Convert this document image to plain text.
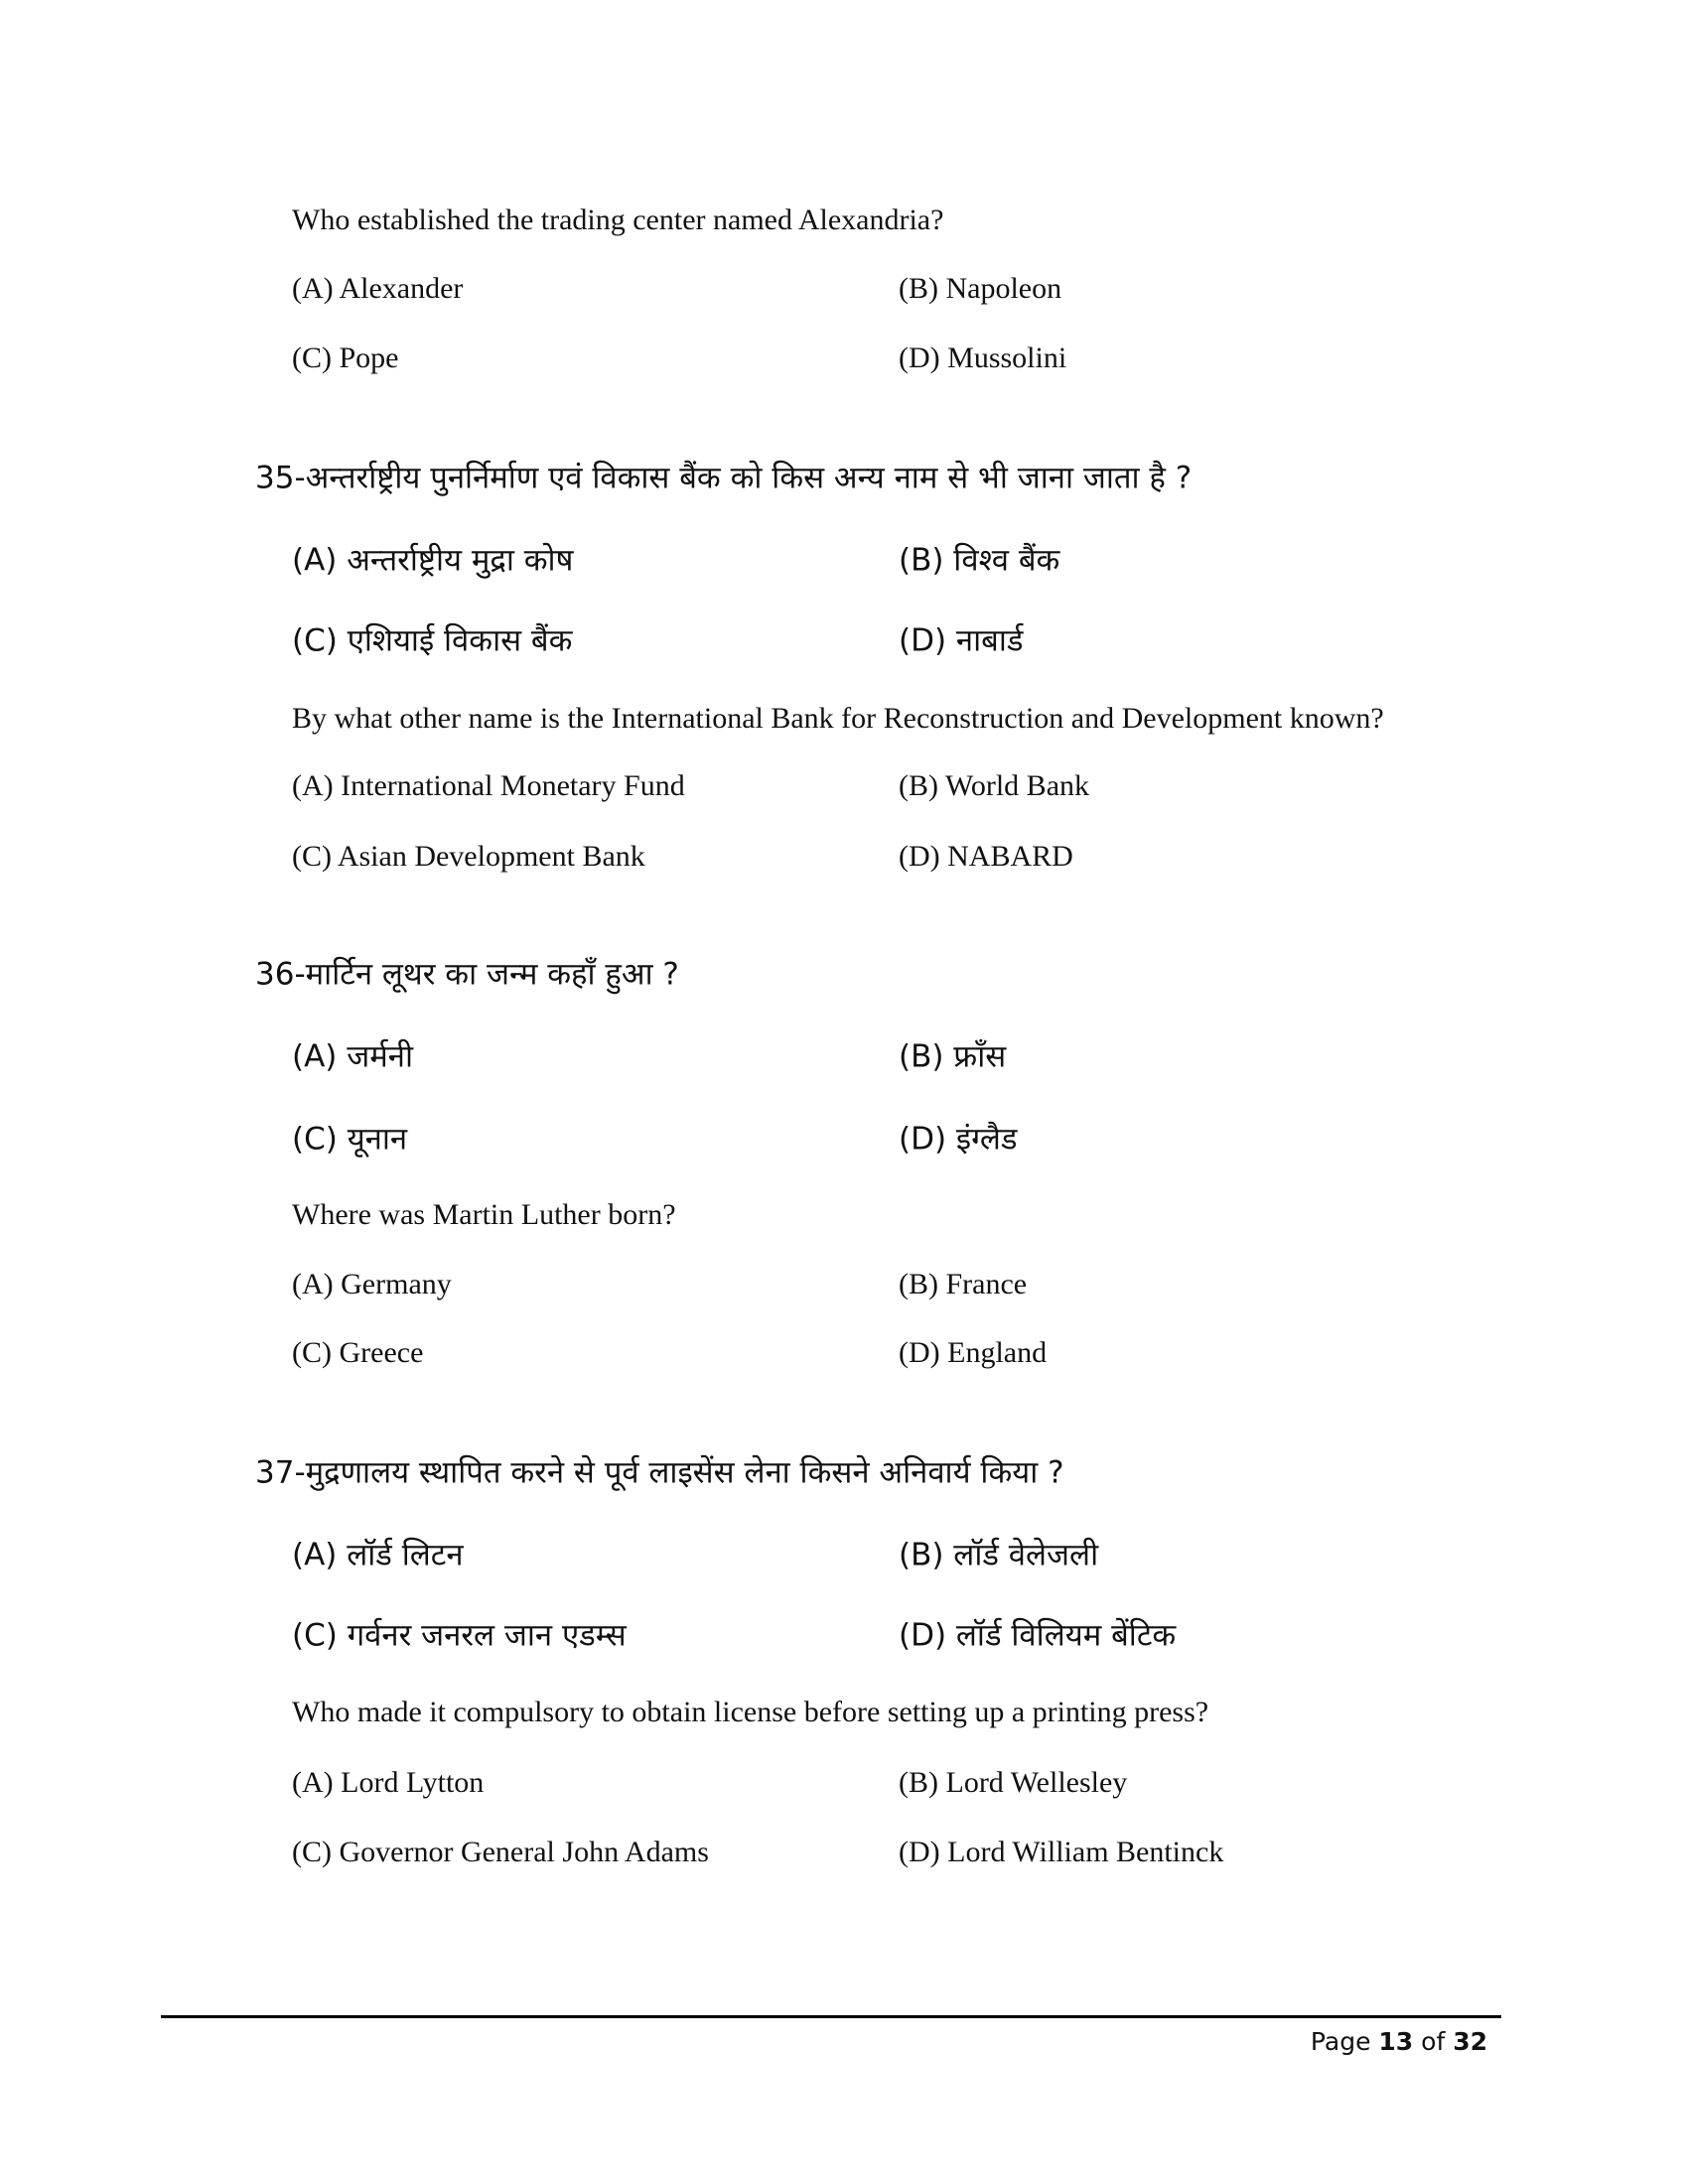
Who established the trading center named Alexandria?
(A) Alexander	(B) Napoleon
(C) Pope	(D) Mussolini
35-अन्तर्राष्ट्रीय पुनर्निर्माण एवं विकास बैंक को किस अन्य नाम से भी जाना जाता है ?
(A) अन्तर्राष्ट्रीय मुद्रा कोष	(B) विश्व बैंक
(C) एशियाई विकास बैंक	(D) नाबार्ड
By what other name is the International Bank for Reconstruction and Development known?
(A) International Monetary Fund	(B) World Bank
(C) Asian Development Bank	(D) NABARD
36-मार्टिन लूथर का जन्म कहाँ हुआ ?
(A) जर्मनी	(B) फ्राँस
(C) यूनान	(D) इंग्लैड
Where was Martin Luther born?
(A) Germany	(B) France
(C) Greece	(D) England
37-मुद्रणालय स्थापित करने से पूर्व लाइसेंस लेना किसने अनिवार्य किया ?
(A) लॉर्ड लिटन	(B) लॉर्ड वेलेजली
(C) गर्वनर जनरल जान एडम्स	(D) लॉर्ड विलियम बेंटिक
Who made it compulsory to obtain license before setting up a printing press?
(A) Lord Lytton	(B) Lord Wellesley
(C) Governor General John Adams	(D) Lord William Bentinck
Page 13 of 32
